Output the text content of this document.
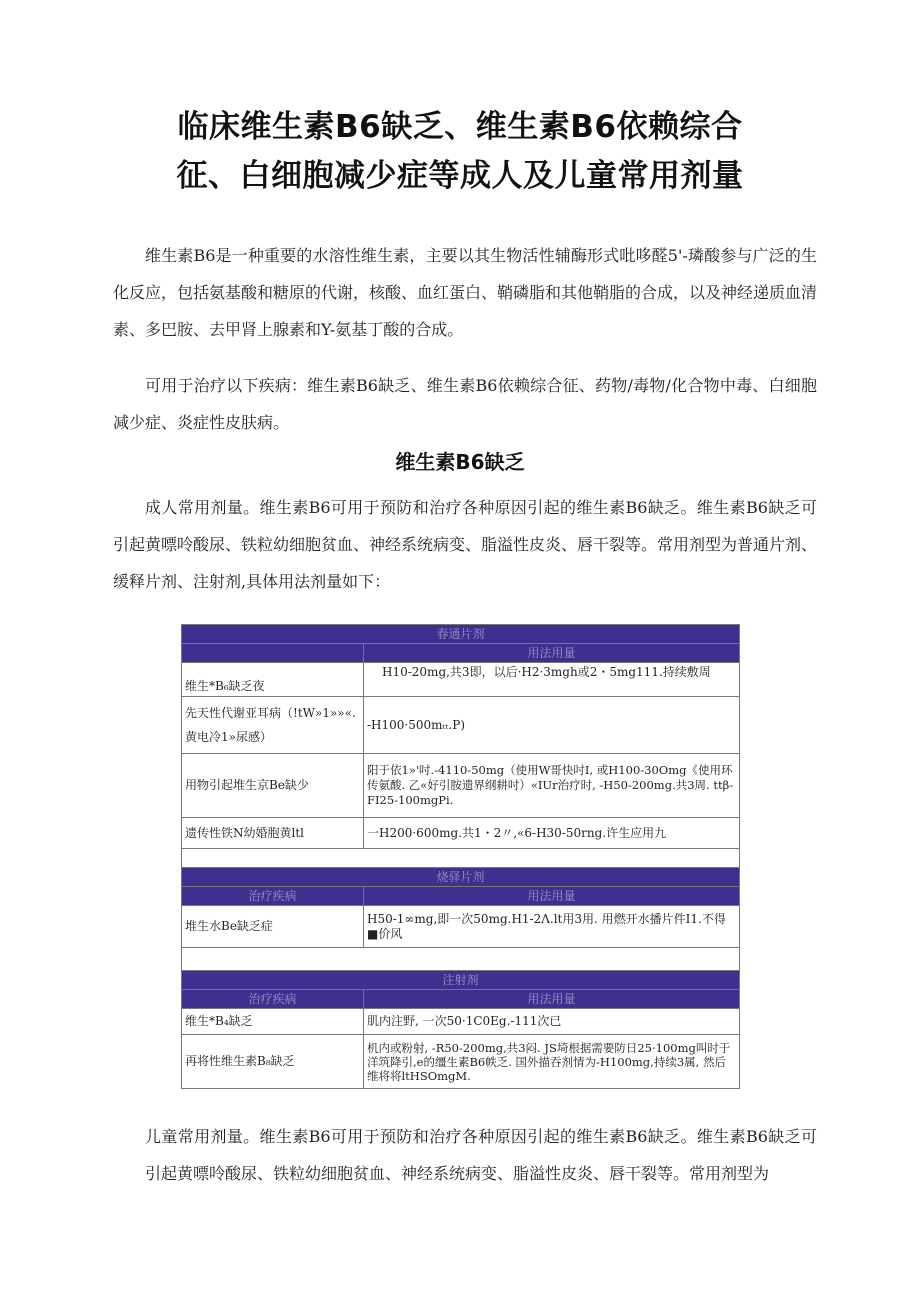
临床维生素B6缺乏、维生素B6依赖综合
征、白细胞减少症等成人及儿童常用剂量

维生素B6是一种重要的水溶性维生素，主要以其生物活性辅酶形式吡哆醛5'-璘酸参与广泛的生化反应，包括氨基酸和糖原的代谢，核酸、血红蛋白、鞘磷脂和其他鞘脂的合成，以及神经递质血清素、多巴胺、去甲肾上腺素和Y-氨基丁酸的合成。

可用于治疗以下疾病：维生素B6缺乏、维生素B6依赖综合征、药物/毒物/化合物中毒、白细胞减少症、炎症性皮肤病。

维生素B6缺乏

成人常用剂量。维生素B6可用于预防和治疗各种原因引起的维生素B6缺乏。维生素B6缺乏可引起黄嘌呤酸尿、铁粒幼细胞贫血、神经系统病变、脂溢性皮炎、唇干裂等。常用剂型为普通片剂、缓释片剂、注射剂,具体用法剂量如下：

春通片剂	
	用法用量
维生*B₆缺乏夜	H10-20mg,共3即，以后·H2·3mgh或2・5mg111.持续敷周
先天性代谢亚耳病（!tW»1»»«.黄电冷1»尿感）	-H100·500mₜₜ.P)
用物引起堆生京Be缺少	阳于依1»'吋.-4110-50mg（使用W哥快吋I, 或H100-30Omg《使用环传氨酸. 乙«好引胺遗界纲耕吋）«IUr治疗时, -H50-200mg.共3周. ttβ-FI25-100mgPi.
遗传性铁N幼婚胞黄ltl	一H200·600mg.共1・2〃,«6-H30-50rng.许生应用九

烧驿片剂	
治疗疾病	用法用量
堆生水Be缺乏症	H50-1∞mg,即一次50mg.H1-2Λ.lt用3用. 用燃开水播片件I1.不得■价风

注射剂	
治疗疾病	用法用量
维生*B₄缺乏	肌内注野, 一次50·1C0Eg.-111次已
再将性维生素B₈缺乏	机内或粉射, -R50-200mg,共3闷. JS埼根据需要防日25·100mg叫时于洋筑降引,e的缰生素B6帙乏. 国外描吞剂情为-H100mg,持续3属, 然后维将将ltHSOmgM.

儿童常用剂量。维生素B6可用于预防和治疗各种原因引起的维生素B6缺乏。维生素B6缺乏可引起黄嘌呤酸尿、铁粒幼细胞贫血、神经系统病变、脂溢性皮炎、唇干裂等。常用剂型为
